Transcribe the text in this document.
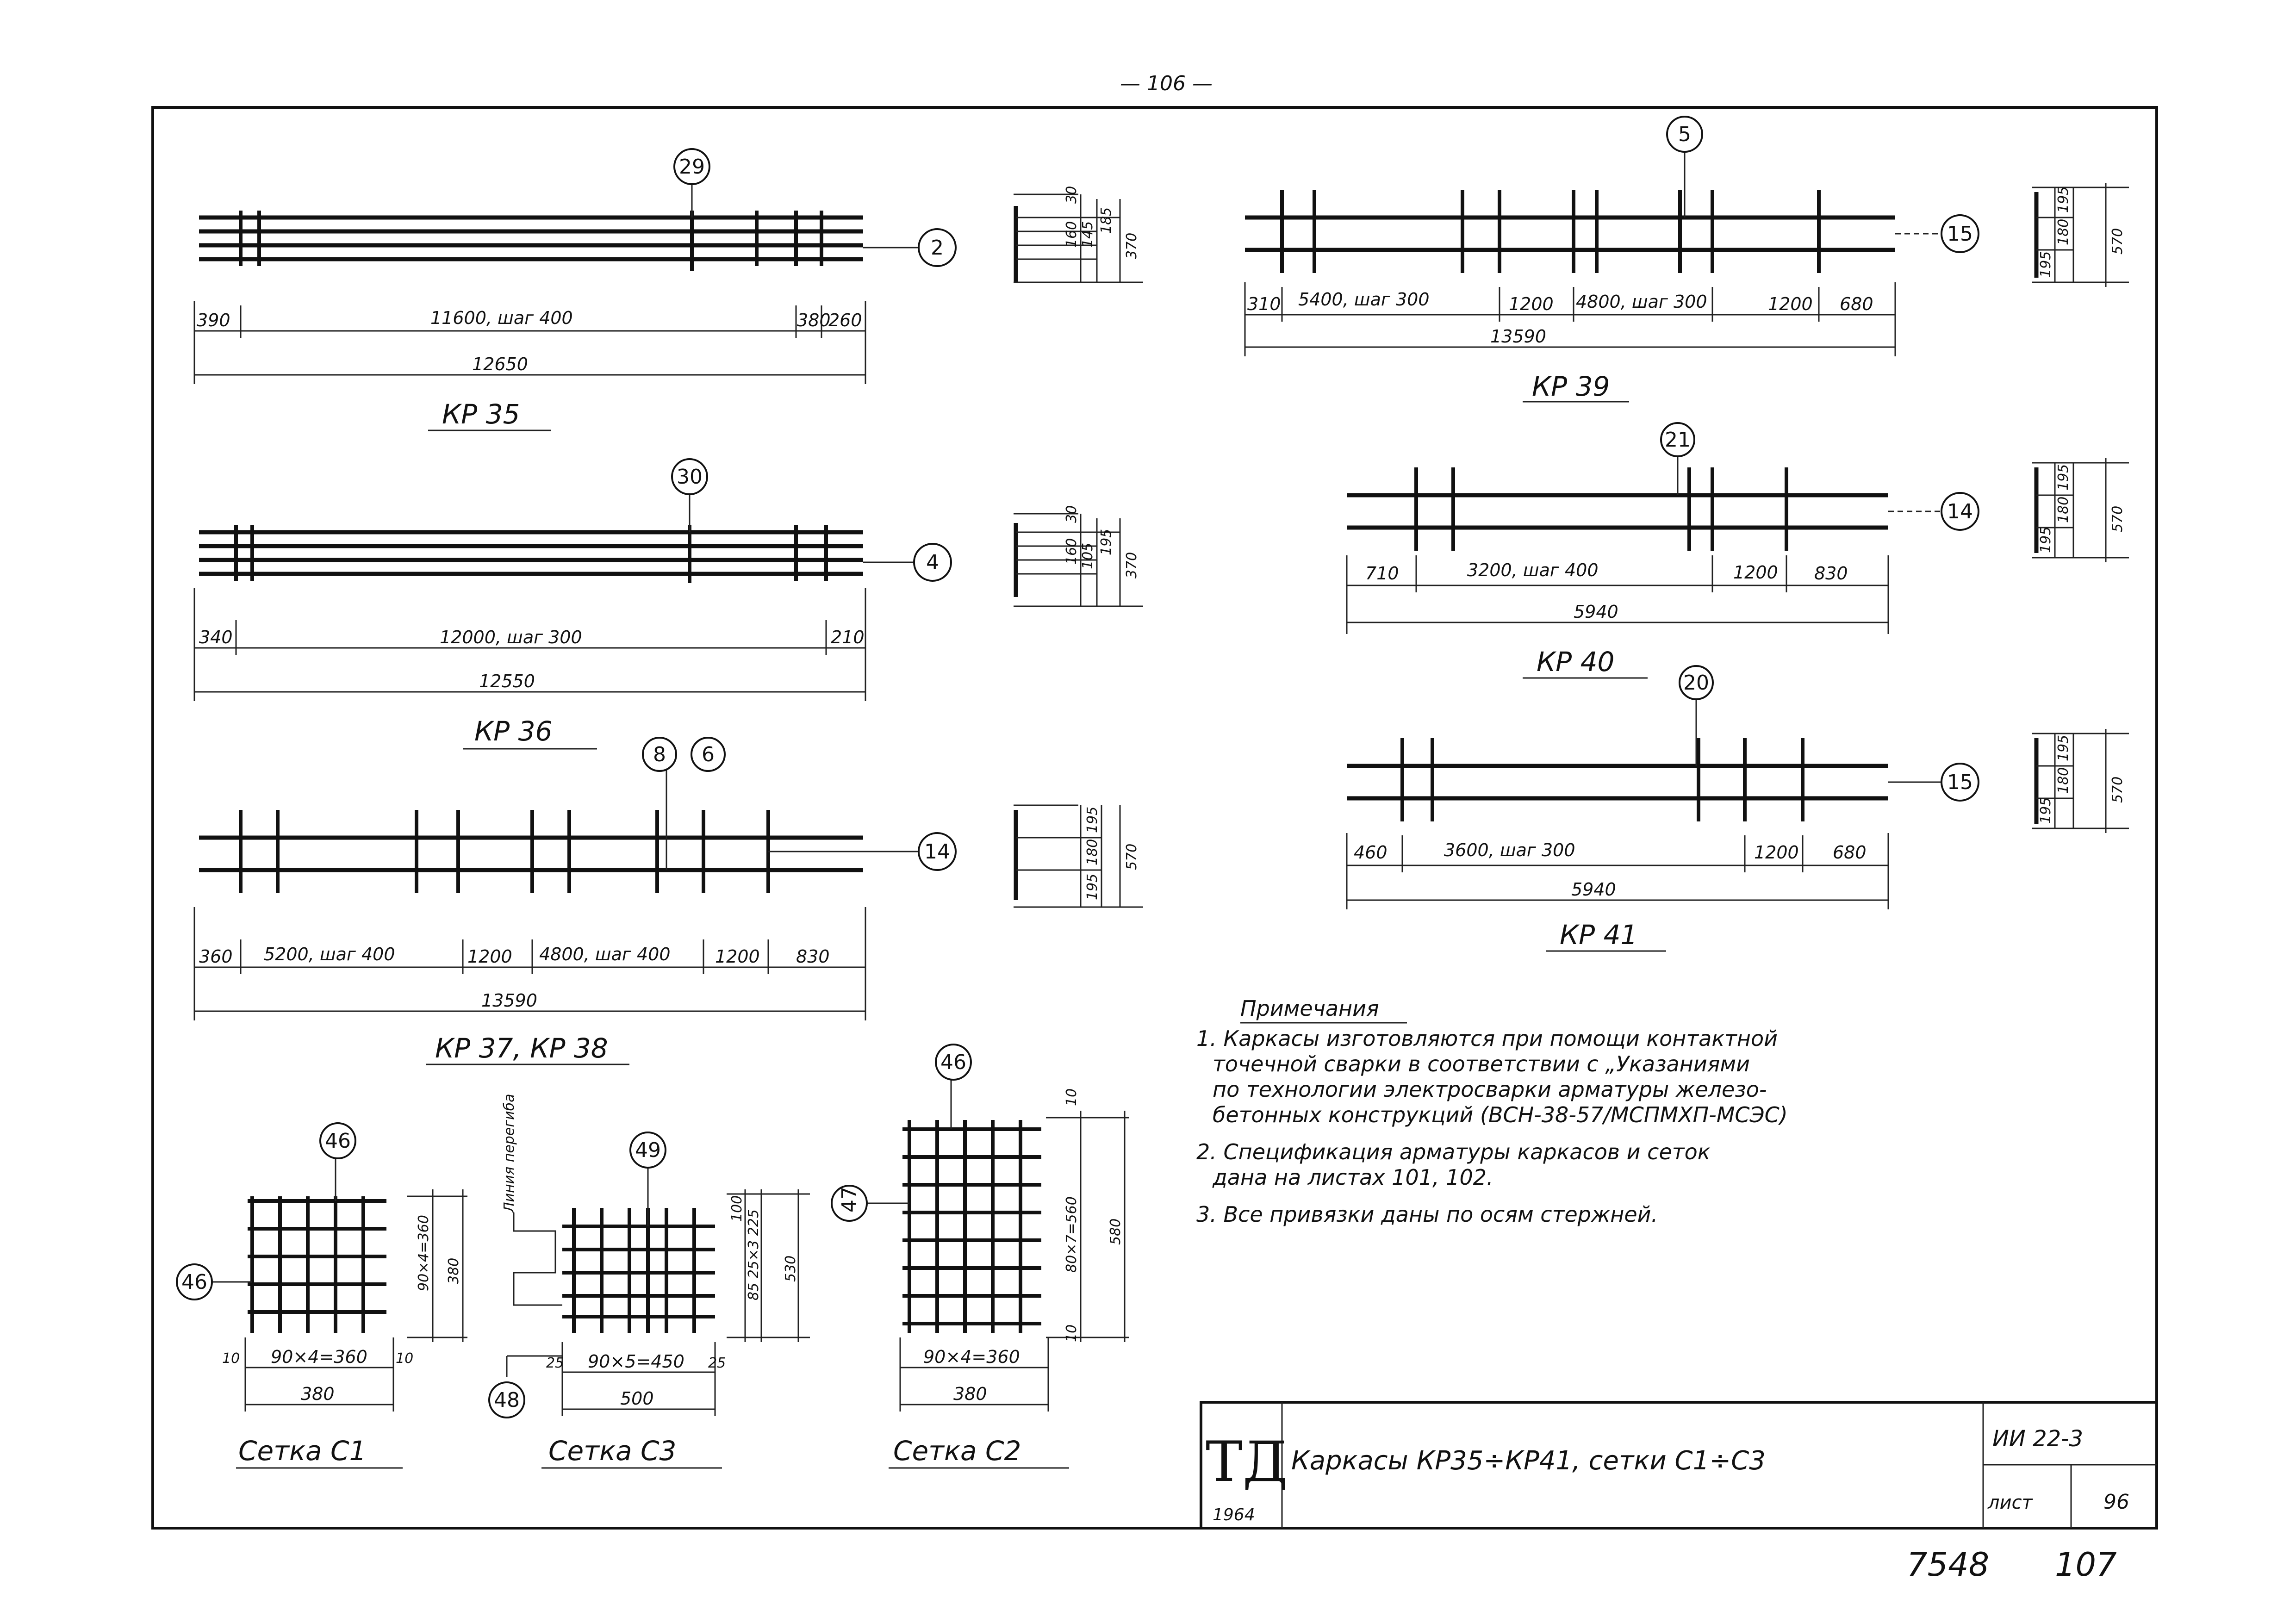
— 106 —
29
2
390	11600, шаг 400	380
260
12650
КР 35
30
160 145
185
370
30
4
340	12000, шаг 300	210
12550
КР 36
30
160 105
195
370
8 6
14
360 5200, шаг 400	1200 4800, шаг 400	1200 830
13590
КР 37, КР 38
195
180
195
570
5
15
310 5400, шаг 300	1200 4800, шаг 300	1200 680
13590
КР 39
195
180
195
570
21
14
710	3200, шаг 400	1200 830
5940
КР 40
195
180
195
570
20
15
460	3600, шаг 300	1200 680
5940
КР 41
195
180
195
570
46
46
10 90×4=360 10
380
90×4=360 380
Сетка С1
49
Линия перегиба
48
25 90×5=450 25
500
100
85 25×3 225 530
Сетка С3
46
47
90×4=360
380
10
80×7=560
10
580
Сетка С2
Примечания
1. Каркасы изготовляются при помощи контактной
точечной сварки в соответствии с „Указаниями
по технологии электросварки арматуры железо-
бетонных конструкций (ВСН-38-57/МСПМХП-МСЭС)
2. Спецификация арматуры каркасов и сеток
дана на листах 101, 102.
3. Все привязки даны по осям стержней.
ТД
1964
Каркасы КР35÷КР41, сетки С1÷С3
ИИ 22-3
лист	96
7548 107
